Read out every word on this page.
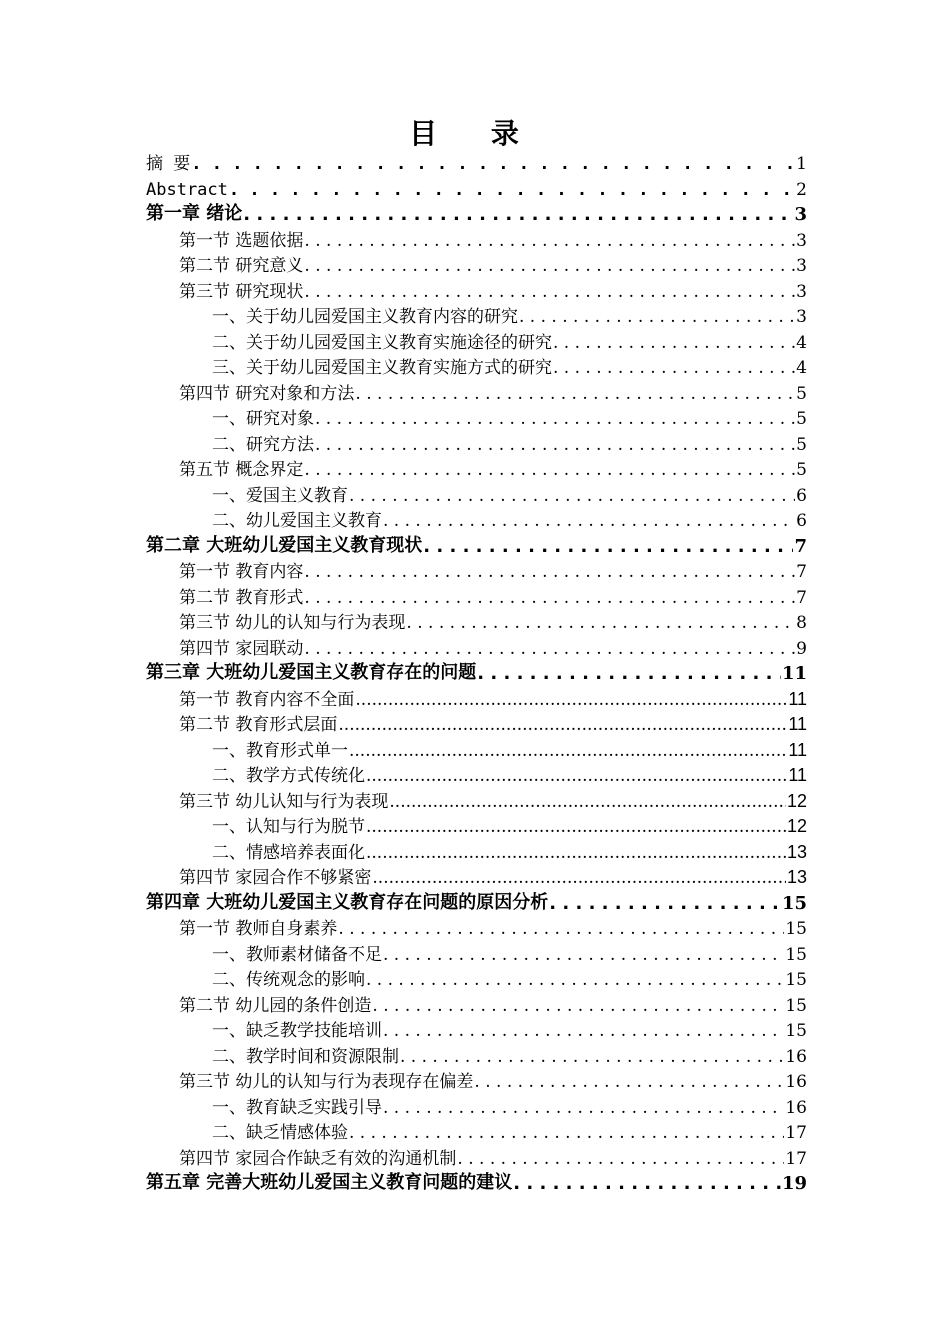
目 录
摘 要 . . .	1
Abstract . . .	2
第一章 绪论 . . .	3
第一节 选题依据 . . .	3
第二节 研究意义 . . .	3
第三节 研究现状 . . .	3
一、关于幼儿园爱国主义教育内容的研究 . . .	3
二、关于幼儿园爱国主义教育实施途径的研究 . . .	4
三、关于幼儿园爱国主义教育实施方式的研究 . . .	4
第四节 研究对象和方法 . . .	5
一、研究对象 . . .	5
二、研究方法 . . .	5
第五节 概念界定 . . .	5
一、爱国主义教育 . . .	6
二、幼儿爱国主义教育 . . .	6
第二章 大班幼儿爱国主义教育现状 . . .	7
第一节 教育内容 . . .	7
第二节 教育形式 . . .	7
第三节 幼儿的认知与行为表现 . . .	8
第四节 家园联动 . . .	9
第三章 大班幼儿爱国主义教育存在的问题 . . .	11
第一节 教育内容不全面 .....	11
第二节 教育形式层面 .....	11
一、教育形式单一 .....	11
二、教学方式传统化 .....	11
第三节 幼儿认知与行为表现 .....	12
一、认知与行为脱节 .....	12
二、情感培养表面化 .....	13
第四节 家园合作不够紧密 .....	13
第四章 大班幼儿爱国主义教育存在问题的原因分析 . . .	15
第一节 教师自身素养 . . .	15
一、教师素材储备不足 . . .	15
二、传统观念的影响 . . .	15
第二节 幼儿园的条件创造 . . .	15
一、缺乏教学技能培训 . . .	15
二、教学时间和资源限制 . . .	16
第三节 幼儿的认知与行为表现存在偏差 . . .	16
一、教育缺乏实践引导 . . .	16
二、缺乏情感体验 . . .	17
第四节 家园合作缺乏有效的沟通机制 . . .	17
第五章 完善大班幼儿爱国主义教育问题的建议 . . .	19
